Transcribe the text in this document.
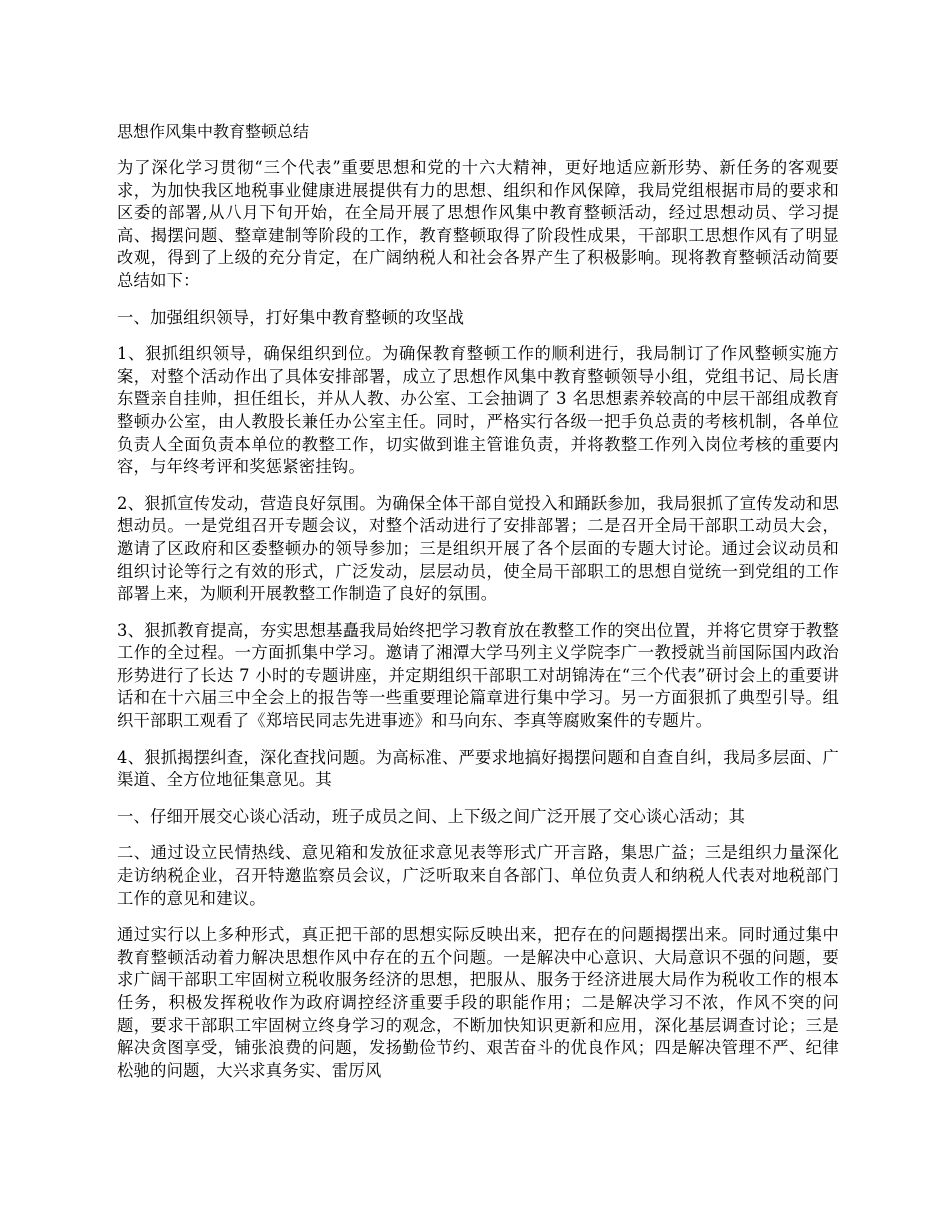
思想作风集中教育整顿总结

为了深化学习贯彻“三个代表”重要思想和党的十六大精神，更好地适应新形势、新任务的客观要求，为加快我区地税事业健康进展提供有力的思想、组织和作风保障，我局党组根据市局的要求和区委的部署,从八月下旬开始，在全局开展了思想作风集中教育整顿活动，经过思想动员、学习提高、揭摆问题、整章建制等阶段的工作，教育整顿取得了阶段性成果，干部职工思想作风有了明显改观，得到了上级的充分肯定，在广阔纳税人和社会各界产生了积极影响。现将教育整顿活动简要总结如下：

一、加强组织领导，打好集中教育整顿的攻坚战

1、狠抓组织领导，确保组织到位。为确保教育整顿工作的顺利进行，我局制订了作风整顿实施方案，对整个活动作出了具体安排部署，成立了思想作风集中教育整顿领导小组，党组书记、局长唐东暨亲自挂帅，担任组长，并从人教、办公室、工会抽调了 3 名思想素养较高的中层干部组成教育整顿办公室，由人教股长兼任办公室主任。同时，严格实行各级一把手负总责的考核机制，各单位负责人全面负责本单位的教整工作，切实做到谁主管谁负责，并将教整工作列入岗位考核的重要内容，与年终考评和奖惩紧密挂钩。

2、狠抓宣传发动，营造良好氛围。为确保全体干部自觉投入和踊跃参加，我局狠抓了宣传发动和思想动员。一是党组召开专题会议，对整个活动进行了安排部署；二是召开全局干部职工动员大会，邀请了区政府和区委整顿办的领导参加；三是组织开展了各个层面的专题大讨论。通过会议动员和组织讨论等行之有效的形式，广泛发动，层层动员，使全局干部职工的思想自觉统一到党组的工作部署上来，为顺利开展教整工作制造了良好的氛围。

3、狠抓教育提高，夯实思想基矗我局始终把学习教育放在教整工作的突出位置，并将它贯穿于教整工作的全过程。一方面抓集中学习。邀请了湘潭大学马列主义学院李广一教授就当前国际国内政治形势进行了长达 7 小时的专题讲座，并定期组织干部职工对胡锦涛在“三个代表”研讨会上的重要讲话和在十六届三中全会上的报告等一些重要理论篇章进行集中学习。另一方面狠抓了典型引导。组织干部职工观看了《郑培民同志先进事迹》和马向东、李真等腐败案件的专题片。

4、狠抓揭摆纠查，深化查找问题。为高标准、严要求地搞好揭摆问题和自查自纠，我局多层面、广渠道、全方位地征集意见。其

一、仔细开展交心谈心活动，班子成员之间、上下级之间广泛开展了交心谈心活动；其

二、通过设立民情热线、意见箱和发放征求意见表等形式广开言路，集思广益；三是组织力量深化走访纳税企业，召开特邀监察员会议，广泛听取来自各部门、单位负责人和纳税人代表对地税部门工作的意见和建议。

通过实行以上多种形式，真正把干部的思想实际反映出来，把存在的问题揭摆出来。同时通过集中教育整顿活动着力解决思想作风中存在的五个问题。一是解决中心意识、大局意识不强的问题，要求广阔干部职工牢固树立税收服务经济的思想，把服从、服务于经济进展大局作为税收工作的根本任务，积极发挥税收作为政府调控经济重要手段的职能作用；二是解决学习不浓，作风不突的问题，要求干部职工牢固树立终身学习的观念，不断加快知识更新和应用，深化基层调查讨论；三是解决贪图享受，铺张浪费的问题，发扬勤俭节约、艰苦奋斗的优良作风；四是解决管理不严、纪律松驰的问题，大兴求真务实、雷厉风
